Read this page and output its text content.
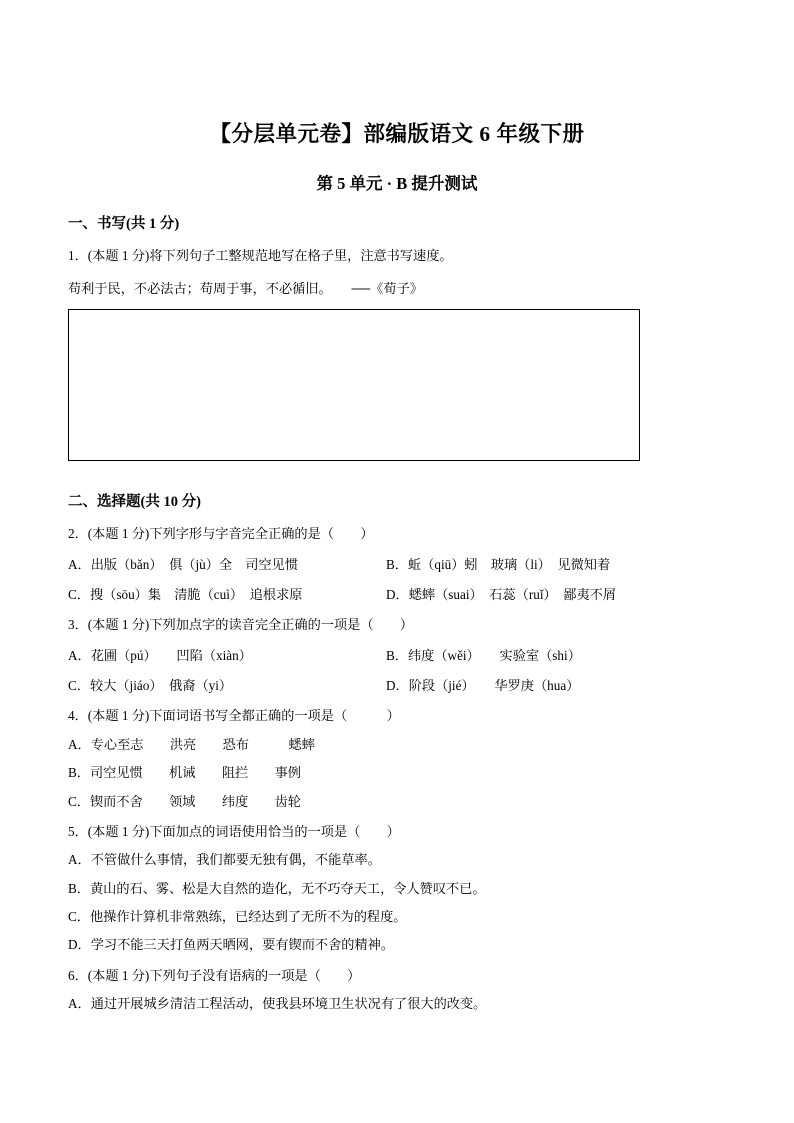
【分层单元卷】部编版语文 6 年级下册
第 5 单元 · B 提升测试
一、书写(共 1 分)
1．(本题 1 分)将下列句子工整规范地写在格子里，注意书写速度。
苟利于民，不必法古；苟周于事，不必循旧。　　──《荀子》
二、选择题(共 10 分)
2．(本题 1 分)下列字形与字音完全正确的是（　　）
A．出版（bǎn）　俱（jù）全　司空见惯	B．蚯（qiū）蚓　玻璃（li）　见微知着
C．搜（sōu）集　清脆（cuì）　追根求原	D．蟋蟀（suai）　石蕊（ruǐ）　鄙夷不屑
3．(本题 1 分)下列加点字的读音完全正确的一项是（　　）
A．花圃（pú）　　凹陷（xiàn）	B．纬度（wěi）　　实验室（shi）
C．较大（jiáo）　俄裔（yi）	D．阶段（jié）　　华罗庚（hua）
4．(本题 1 分)下面词语书写全都正确的一项是（　　　）
A．专心至志　　洪亮　　恐布　　　蟋蟀
B．司空见惯　　机诫　　阻拦　　事例
C．锲而不舍　　领域　　纬度　　齿轮
5．(本题 1 分)下面加点的词语使用恰当的一项是（　　）
A．不管做什么事情，我们都要无独有偶，不能草率。
B．黄山的石、雾、松是大自然的造化，无不巧夺天工，令人赞叹不已。
C．他操作计算机非常熟练，已经达到了无所不为的程度。
D．学习不能三天打鱼两天晒网，要有锲而不舍的精神。
6．(本题 1 分)下列句子没有语病的一项是（　　）
A．通过开展城乡清洁工程活动，使我县环境卫生状况有了很大的改变。
